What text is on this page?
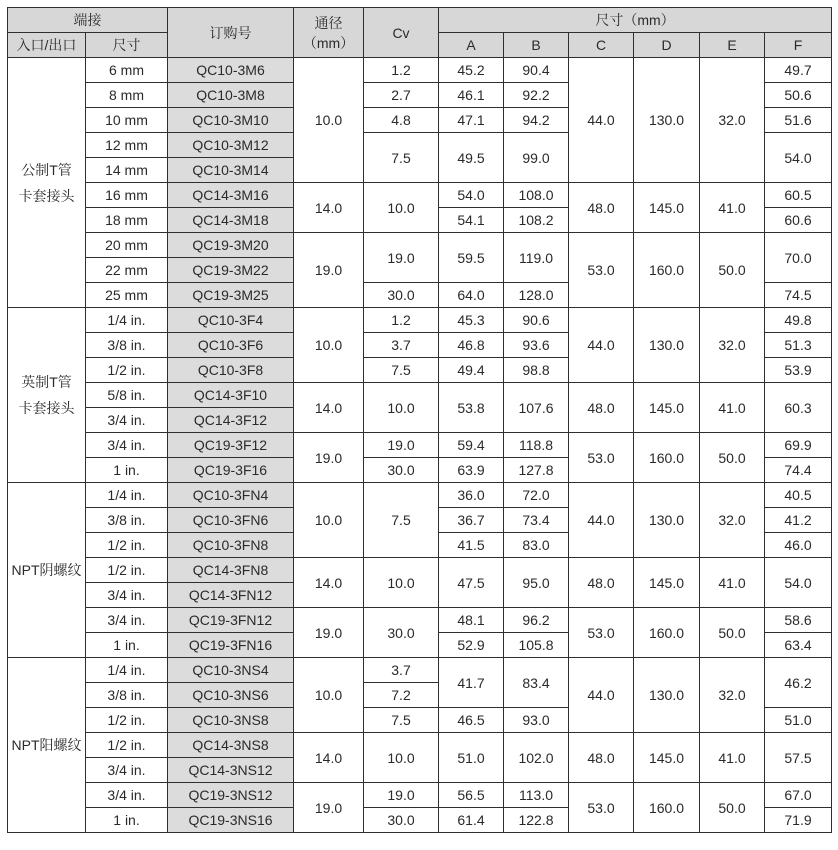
端接		订购号	通径
（mm）	Cv	尺寸（mm）					
入口/出口	尺寸				A	B	C	D	E	F

公制T管
卡套接头	6 mm	QC10-3M6	10.0	1.2	45.2	90.4	44.0	130.0	32.0	49.7
	8 mm	QC10-3M8		2.7	46.1	92.2				50.6
	10 mm	QC10-3M10		4.8	47.1	94.2				51.6
	12 mm	QC10-3M12		7.5	49.5	99.0				54.0
	14 mm	QC10-3M14								
	16 mm	QC14-3M16	14.0	10.0	54.0	108.0	48.0	145.0	41.0	60.5
	18 mm	QC14-3M18			54.1	108.2				60.6
	20 mm	QC19-3M20	19.0	19.0	59.5	119.0	53.0	160.0	50.0	70.0
	22 mm	QC19-3M22								
	25 mm	QC19-3M25		30.0	64.0	128.0				74.5

英制T管
卡套接头	1/4 in.	QC10-3F4	10.0	1.2	45.3	90.6	44.0	130.0	32.0	49.8
	3/8 in.	QC10-3F6		3.7	46.8	93.6				51.3
	1/2 in.	QC10-3F8		7.5	49.4	98.8				53.9
	5/8 in.	QC14-3F10	14.0	10.0	53.8	107.6	48.0	145.0	41.0	60.3
	3/4 in.	QC14-3F12								
	3/4 in.	QC19-3F12	19.0	19.0	59.4	118.8	53.0	160.0	50.0	69.9
	1 in.	QC19-3F16		30.0	63.9	127.8				74.4

NPT阴螺纹	1/4 in.	QC10-3FN4	10.0	7.5	36.0	72.0	44.0	130.0	32.0	40.5
	3/8 in.	QC10-3FN6			36.7	73.4				41.2
	1/2 in.	QC10-3FN8			41.5	83.0				46.0
	1/2 in.	QC14-3FN8	14.0	10.0	47.5	95.0	48.0	145.0	41.0	54.0
	3/4 in.	QC14-3FN12								
	3/4 in.	QC19-3FN12	19.0	30.0	48.1	96.2	53.0	160.0	50.0	58.6
	1 in.	QC19-3FN16			52.9	105.8				63.4

NPT阳螺纹	1/4 in.	QC10-3NS4	10.0	3.7	41.7	83.4	44.0	130.0	32.0	46.2
	3/8 in.	QC10-3NS6		7.2						
	1/2 in.	QC10-3NS8		7.5	46.5	93.0				51.0
	1/2 in.	QC14-3NS8	14.0	10.0	51.0	102.0	48.0	145.0	41.0	57.5
	3/4 in.	QC14-3NS12								
	3/4 in.	QC19-3NS12	19.0	19.0	56.5	113.0	53.0	160.0	50.0	67.0
	1 in.	QC19-3NS16		30.0	61.4	122.8				71.9
